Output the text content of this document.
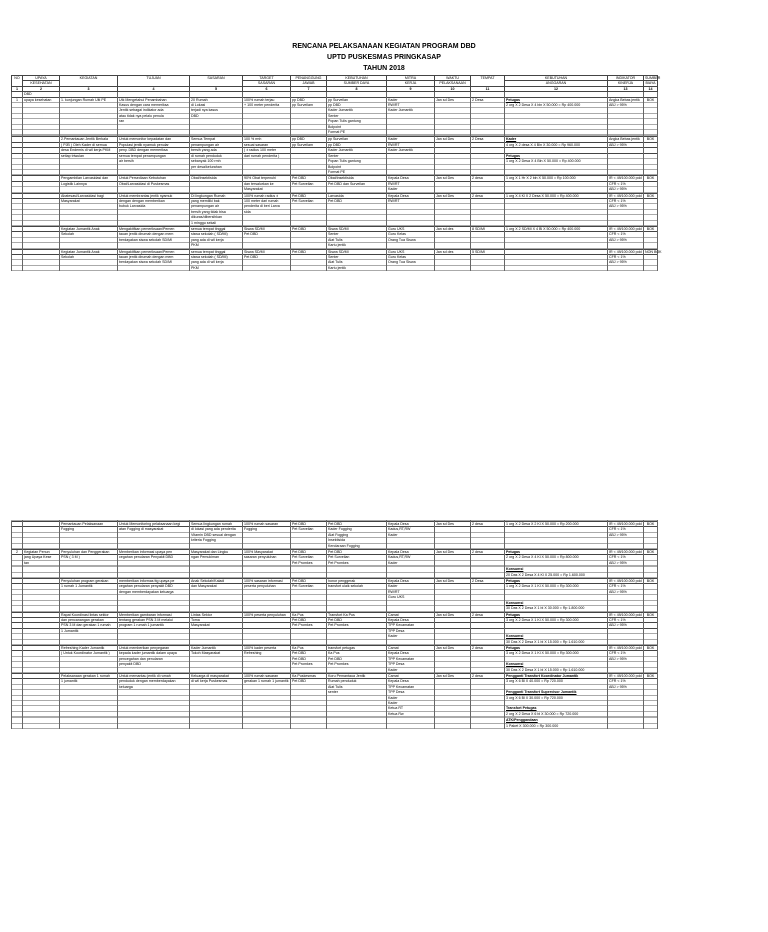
RENCANA PELAKSANAAN KEGIATAN PROGRAM DBD
UPTD PUSKESMAS PRINGKASAP
TAHUN 2018
NO	UPAYA	KEGIATAN	TUJUAN	SASARAN	TARGET	PENANGGUNG	KEBUTUHAN	MITRA	WAKTU	TEMPAT	KEBUTUHAN	INDIKATOR	SUMBER
	KESEHATAN				SASARAN	JAWAB	SUMBER DAYA	KERJA	PELAKSANAAN		ANGGARAN	KINERJA	BIAYA
1	2	3	4	5	6	7	8	9	10	11	12	13	14
	DBD												
1	upaya kesehatan	1. kunjungan Rumah Ulti PE	Utk Mengetahui Penambahan	20 Rumah	100% rumah terjau	pp DBD	pp Surveilan	Kader	Jan sd Des	2 Desa	Petugas	Angka Bebas jentik	BOK
			Kasus dengan cara memeriksa	di Lokasi	+ 100 meter penderita	pp Surveilam	pp DBD	RW/RT			2 org X 2 Desa X 4 bln X 50.000 = Rp 400.000	ABJ > 95%	
			Jentik sebagai indikator ada	terjadi nya kasus			Kader Jumantik	Kader Jumantik					
			atau tidak nya pelalu penula	DBD			Senter						
			ran				Popan Tulis gantung						
							Bolpoint						
							Format PE						

		2.Pemantauan Jentik Berkala	Untuk memonitor kepadatan dan	Semua Tempat	100 % rmh	pp DBD	pp Surveilan	Kader	Jan sd Des	2 Desa	Kader	Angka Bebas jentik	BOK
		( PJB ) Oleh Kader di semua	Populasi jentik nyamuk penular	penampungan air	sesuai sasaran	pp Surveilam	pp DBD	RW/RT			4 org X 2 desa X 4 Bln X 30.000 = Rp 960.000	ABJ > 95%	
		desa Endemis di wil kerja PKM	peny. DBD dengan memeriksa	bersih yang ada	( ± radius 100 meter		Kader Jumantik	Kader Jumantik					
		setiap triwulan	semua tempat penampungan	di rumah penduduk	dari rumah penderita )		Senter				Petugas		
			air bersih	sebanyak 100 rmh			Popan Tulis gantung				1 org X 2 Desa X 4 Bln X 50.000 = Rp 400.000		
				per desa/kelurahan			Bolpoint						
							Format PE						

		Pengambilan Larvasidasi dan	Untuk Persediaan Kebutuhan	Obat/insektisida	90% Obat terpenuhi	Pet DBD	Obat/insektisida	Kepala Desa	Jan sd Des	2 desa	1 org X 1 Hr X 2 bln X 50.000 = Rp 100.000	IR < 49/100.000 pdd	BOK
		Logistik Lainnya	Obat/Larvasidasi di Puskesmas		dan tersalurkan ke	Pet Surveilan	Pet DBD dan Surveilan	RW/RT				CFR < 1%	
					Masyarakat			Kader				ABJ > 95%	

		Abatesasi/Larvasidasi bagi	Untuk membrantas jentik nyamuk	Di lingkungan Rumah	100% rumah radius ±	Pet DBD	Larvasida	Kepala Desa	Jan sd Des	2 desa	1 org X 4 Kl X 2 Desa X 50.000 = Rp 400.000	IR < 49/100.000 pdd	BOK
		Masyarakat	dengan dengan memberikan	yang memiliki bak	100 meter dari rumah	Pet Surveilan	Pet DBD	RW/RT				CFR < 1%	
			bubuk Larvasida	penampungan air	penderita di beri Larva							ABJ > 95%	
				bersih yang tidak bisa	sida								
				dikuras/dibersihkan									
				1 minggu sekali									

		Kegiatan Jumantik Anak	Mengaktifkan pemeriksaan/Pemen	semua tempat tinggal	Siswa SD/MI	Pet DBD	Siswa SD/MI	Guru UKS	Jan sd des	8 SD/MI	1 org X 2 SD/MI X 4 Bl X 50.000 = Rp 400.000	IR < 49/100.000 pdd	BOK
		Sekolah	tauan jentik dirumah dengan mem	siswa sekolah ( SD/MI)	Pet DBD		Senter	Guru Kelas				CFR < 1%	
			berdayakan siswa sekolah SD/MI	yang ada di wil kerja			Alat Tulis	Orang Tua Siswa				ABJ > 95%	
				PKM			Kartu jentik						

		Kegiatan Jumantik Anak	Mengaktifkan pemeriksaan/Pemen	semua tempat tinggal	Siswa SD/MI	Pet DBD	Siswa SD/MI	Guru UKS	Jan sd des	5 SD/MI		IR < 49/100.000 pdd	NON BOK
		Sekolah	tauan jentik dirumah dengan mem	siswa sekolah ( SD/MI)	Pet DBD		Senter	Guru Kelas				CFR < 1%	
			berdayakan siswa sekolah SD/MI	yang ada di wil kerja			Alat Tulis	Orang Tua Siswa				ABJ > 95%	
				PKM			Kartu jentik						

		Pemantauan Pelaksanaan	Untuk Memonitoring pelaksanaan kegi	Semua lingkungan rumah	100% rumah sasaran	Pet DBD	Pet DBD	Kepala Desa	Jan sd Des	2 desa	1 org X 2 Desa X 2 Kl X 50.000 = Rp 200.000	IR < 49/100.000 pdd	BOK
		Fogging	atan Fogging di masyarakat	di lokasi yang ada penderita	Fogging	Pet Surveilan	Kader Fogging	Kadus,RT,RW				CFR < 1%	
				Vitamin DBD sesuai dengan			Alat Fogging	Kader				ABJ > 95%	
				kriteria Fogging			Insektisida						
							Kendaraan Fogging						

2	Kegiatan Penun	Penyuluhan dan Penggerakan	Memberikan informasi upaya pen	Masyarakat dan Lingku	100% Masyarakat	Pet DBD	Pet DBD	Kepala Desa	Jan sd Des	2 desa	Petugas	IR < 49/100.000 pdd	BOK
	jang Upaya Kese	PSN ( 3 M )	cegahan penularan Penyakit DBD	ngan Pemukiman	sasaran penyuluhan	Pet Surveilan	Pet Surveilan	Kadus,RT,RW			2 org X 2 Desa X 4 Kl X 50.000 = Rp 800.000	CFR < 1%	
	tan					Pet Promkes	Pet Promkes	Kader				ABJ > 95%	

											Konsumsi		
											20 Das X 2 Desa X 4 Kl X 25.000 = Rp 1.600.000		

		Penyuluhan program gerakan	memberikan informas ttg upaya pe	Anak Sekolah/Kaladi	100% sasaran informasi	Pet DBD	honor penggerak	Kepala Desa	Jan sd Des	2 Desa	Petugas	IR < 49/100.000 pdd	BOK
		1 rumah 1 Jumantik	cegahan penularan penyakit DBD	dan Masyarakat	peserta penyuluhan	Pet Surveilan	transfort ulaik sekolah	Kader			1 org X 2 Desa X 1 Kl X 50.000 = Rp 300.000	CFR < 1%	
			dengan memberdayakan keluarga					RW/RT				ABJ > 95%	
								Guru UKS					
											Konsumsi		
											30 Das X 2 Desa X 1 bl X 30.000 = Rp 1.800.000		

		Rapat Koordinasi lintas sektor	Memberikan gambaran informasi	Lintas Sektor	100% peserta penyuluhan	Ka Pus	Transfort Ka Pus	Camat	Jan sd Des	2 desa	Petugas	IR < 49/100.000 pdd	BOK
		dan pencanangan gerakan	tentang gerakan PSN 3 M melalui	Toma		Pet DBD	Pet DBD	Kepala Desa			3 org X 2 Desa X 1 Kl X 50.000 = Rp 300.000	CFR < 1%	
		PSN 3 M dan gerakan 1 rumah	program 1 rumah 1 jumantik	Masyarakat		Pet Promkes	Pet Promkes	TPP Kecamatan				ABJ > 95%	
		1 Jumantik						TPP Desa					
								Kader			Konsumsi		
											30 Das X 2 Desa X 1 bl X 15.000 = Rp 1.610.000		

		Refreshing Kader Jumantik	Untuk memberikan penyegaran	Kader Jumantik	100% kader peserta	Ka Pus	transfort petugas	Camat	Jan sd Des	2 desa	Petugas	IR < 49/100.000 pdd	BOK
		( Untuk Koordinator Jumantik )	kepada kader jumantik dalam upaya	Tokoh Masyarakat	Refreshing	Pet DBD	Ka Pus	Kepala Desa			3 org X 2 Desa X 1 Kl X 50.000 = Rp 300.000	CFR < 1%	
			pencegahan dan penularan			Pet DBD	Pet DBD	TPP Kecamatan				ABJ > 95%	
			penyakit DBD			Pet Promkes	Pet Promkes	TPP Desa			Konsumsi		
								Kader			30 Das X 2 Desa X 1 bl X 15.000 = Rp 1.610.000		

		Pelaksanaan gerakan 1 rumah	Untuk memantau jentik di rumah	Keluarga di masyarakat	100% rumah sasaran	Ka Puskesmas	Koru Pemantaua Jentik	Camat	Jan sd Des	2 desa	Pengganti Transfort Koordinator Jumantik	IR < 49/100.000 pdd	BOK
		1 jumantik	penduduk dengan memberdayakan	di wil kerja Puskesmas	gerakan 1 rumah 1 jumantik	Pet DBD	Rumah penduduk	Kepala Desa			3 org X 6 Bl X 40.000 = Rp 720.000	CFR < 1%	
			keluarga				Alat Tulis	TPP Kecamatan				ABJ > 95%	
							senter	TPP Desa			Pengganti Transfort Supervisor Jumantik		
								Kader			3 org X 6 Bl X 30.000 = Rp 720.000		
								Kader					
								Ketua RT			Transfort Petugas		
								Ketua Rw			2 org X 2 Desa X 6 bl X 30.000 = Rp 720.000		

											ATK/Penggandaan		
											1 Paket X 300.000 = Rp 300.000		
